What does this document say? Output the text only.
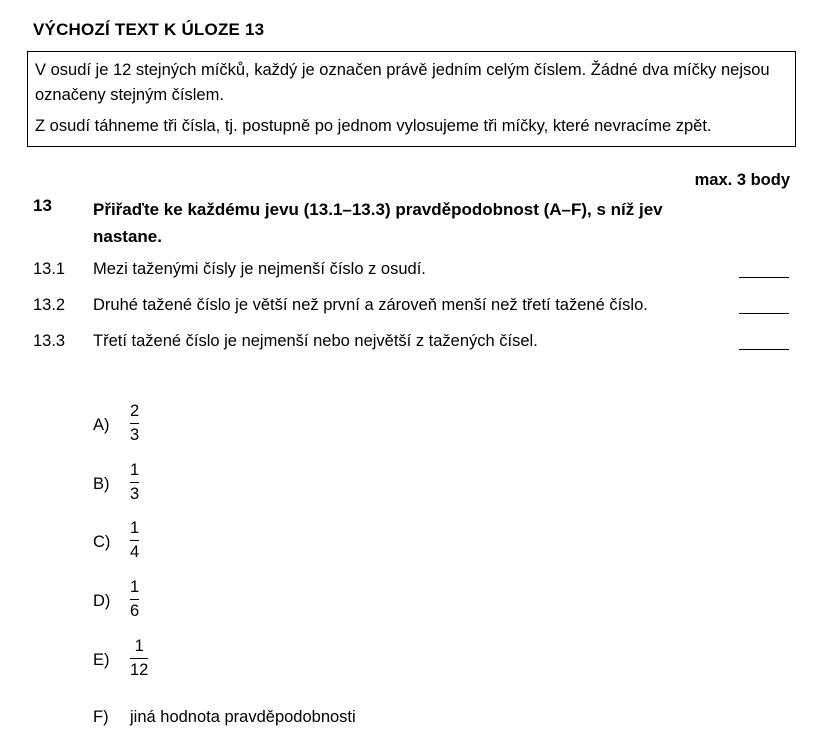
VÝCHOZÍ TEXT K ÚLOZE 13

V osudí je 12 stejných míčků, každý je označen právě jedním celým číslem. Žádné dva míčky nejsou označeny stejným číslem.

Z osudí táhneme tři čísla, tj. postupně po jednom vylosujeme tři míčky, které nevracíme zpět.

max. 3 body
13 Přiřaďte ke každému jevu (13.1–13.3) pravděpodobnost (A–F), s níž jev nastane.
13.1 Mezi taženými čísly je nejmenší číslo z osudí.
13.2 Druhé tažené číslo je větší než první a zároveň menší než třetí tažené číslo.
13.3 Třetí tažené číslo je nejmenší nebo největší z tažených čísel.
A)
2
3
B)
1
3
C)
1
4
D)
1
6
E)
1
12
F) jiná hodnota pravděpodobnosti
